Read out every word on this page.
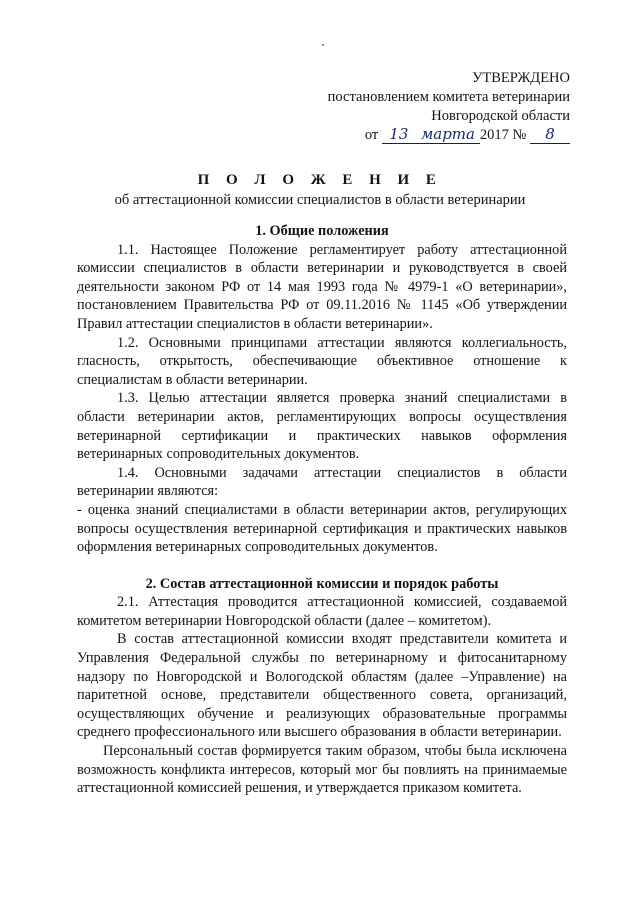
УТВЕРЖДЕНО
постановлением комитета ветеринарии
Новгородской области
от 13 марта 2017 № 8
П О Л О Ж Е Н И Е
об аттестационной комиссии специалистов в области ветеринарии

1. Общие положения

1.1. Настоящее Положение регламентирует работу аттестационной комиссии специалистов в области ветеринарии и руководствуется в своей деятельности законом РФ от 14 мая 1993 года № 4979-1 «О ветеринарии», постановлением Правительства РФ от 09.11.2016 № 1145 «Об утверждении Правил аттестации специалистов в области ветеринарии».

1.2. Основными принципами аттестации являются коллегиальность, гласность, открытость, обеспечивающие объективное отношение к специалистам в области ветеринарии.

1.3. Целью аттестации является проверка знаний специалистами в области ветеринарии актов, регламентирующих вопросы осуществления ветеринарной сертификации и практических навыков оформления ветеринарных сопроводительных документов.

1.4. Основными задачами аттестации специалистов в области ветеринарии являются:

- оценка знаний специалистами в области ветеринарии актов, регулирующих вопросы осуществления ветеринарной сертификация и практических навыков оформления ветеринарных сопроводительных документов.

2. Состав аттестационной комиссии и порядок работы

2.1. Аттестация проводится аттестационной комиссией, создаваемой комитетом ветеринарии Новгородской области (далее – комитетом).

В состав аттестационной комиссии входят представители комитета и Управления Федеральной службы по ветеринарному и фитосанитарному надзору по Новгородской и Вологодской областям (далее –Управление) на паритетной основе, представители общественного совета, организаций, осуществляющих обучение и реализующих образовательные программы среднего профессионального или высшего образования в области ветеринарии.

Персональный состав формируется таким образом, чтобы была исключена возможность конфликта интересов, который мог бы повлиять на принимаемые аттестационной комиссией решения, и утверждается приказом комитета.
